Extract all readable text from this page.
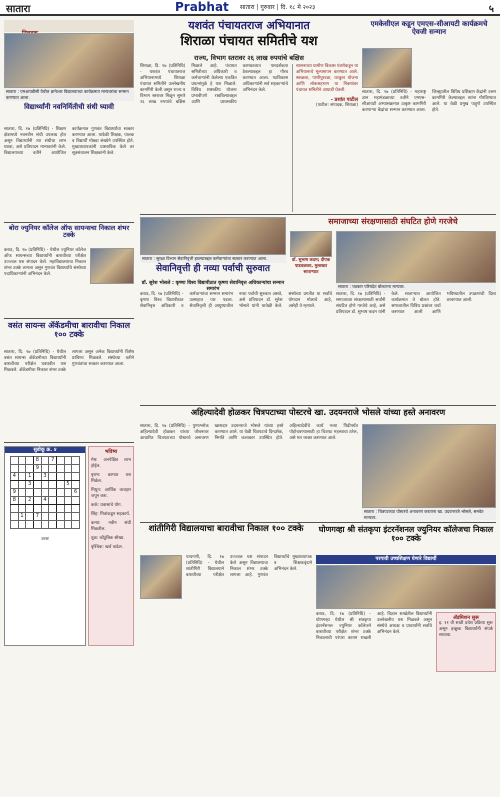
सातारा	Prabhat सातारा | गुरुवार | दि. १८ मे २०२३	५
सातारा : एमआयडीसी येथील ज्ञानेश्वर विद्यालयाच्या कार्यक्रमात मान्यवरांचा सन्मान करण्यात आला.
विद्यार्थ्यांनी नवनिर्मितीची संधी घ्यावी
सातारा, दि. १७ (प्रतिनिधि) - शिक्षण क्षेत्रामध्ये नवनवीन संधी उपलब्ध होत असून विद्यार्थ्यांनी त्या संधीचा लाभ घ्यावा, असे प्रतिपादन मान्यवरांनी केले. विद्यालयाच्या वतीने आयोजित कार्यक्रमात गुणवंत विद्यार्थ्यांचा सत्कार करण्यात आला. यावेळी शिक्षक, पालक व विद्यार्थी मोठ्या संख्येने उपस्थित होते. मुख्याध्यापकांनी प्रास्ताविक केले तर सूत्रसंचालन शिक्षकांनी केले.
बोरा ज्युनियर कॉलेज ऑफ सायन्सचा निकाल शंभर टक्के
कराड, दि. १७ (प्रतिनिधि) - येथील ज्युनियर कॉलेज ऑफ सायन्सच्या विद्यार्थ्यांनी बारावीच्या परीक्षेत उज्ज्वल यश संपादन केले. महाविद्यालयाचा निकाल शंभर टक्के लागला असून गुणवंत विद्यार्थ्यांचे संस्थेच्या पदाधिकाऱ्यांनी अभिनंदन केले.
वसंत सायन्स ॲकॅडमीचा बारावीचा निकाल १०० टक्के
सातारा, दि. १७ (प्रतिनिधि) - येथील वसंत सायन्स ॲकॅडमीच्या विद्यार्थ्यांनी बारावीच्या परीक्षेत घवघवीत यश मिळवले. ॲकॅडमीचा निकाल शंभर टक्के लागला असून अनेक विद्यार्थ्यांनी विशेष प्राविण्य मिळवले. संस्थेच्या वतीने गुणवंतांचा सत्कार करण्यात आला.
सुडोकू क्र. ४
			8		7			
			9					
4		1		3				
		3					5	
9								6
8		2		4				

	1		7					

उत्तर
भविष्य
मेष: अनपेक्षित लाभ होईल.
वृषभ: कामात यश मिळेल.
मिथुन: आर्थिक व्यवहार जपून करा.
कर्क: प्रवासाचे योग.
सिंह: मित्रांकडून सहकार्य.
कन्या: नवीन संधी मिळतील.
तूळ: कौटुंबिक सौख्य.
वृश्चिक: खर्च वाढेल.
यशवंत पंचायतराज अभियानात
शिराळा पंचायत समितीचे यश
राज्य, विभाग स्तरावर २६ लाख रुपयांचे बक्षिस
शिराळा, दि. १७ (प्रतिनिधि) - यशवंत पंचायतराज अभियानामध्ये शिराळा पंचायत समितीने उल्लेखनीय कामगिरी केली असून राज्य व विभाग स्तरावर मिळून सुमारे २६ लाख रुपयांचे बक्षिस मिळाले आहे. पंचायत समितीच्या अधिकारी व कर्मचाऱ्यांनी केलेल्या एकत्रित प्रयत्नांमुळे हे यश मिळाले. विविध शासकीय योजना प्रभावीपणे राबविल्याबद्दल आणि प्रशासकीय कामकाजात पारदर्शकता ठेवल्याबद्दल हा गौरव करण्यात आला. गटविकास अधिकाऱ्यांनी सर्व सहकाऱ्यांचे अभिनंदन केले.
शासनाच्या ग्रामीण विकास यंत्रणेकडून या अभियानाचे मूल्यमापन करण्यात आले. स्वच्छता, पाणीपुरवठा, घरकुल योजना आणि लोकसहभाग या निकषांवर पंचायत समितीने आघाडी घेतली.
- प्रशांत पाटील
(पाटील: संपादक, शिराळा)
एमकेसीएल कडून एमएस-सीआयटी कार्यक्रमचे ऐवजी सन्मान
सातारा, दि. १७ (प्रतिनिधि) - महाराष्ट्र ज्ञान महामंडळाच्या वतीने एमएस-सीआयटी अभ्यासक्रमात उत्कृष्ट कामगिरी करणाऱ्या केंद्रांचा सन्मान करण्यात आला. जिल्ह्यातील विविध प्रशिक्षण केंद्रांनी उत्तम कामगिरी केल्याबद्दल त्यांना गौरविण्यात आले. या वेळी प्रमुख पाहुणे उपस्थित होते.
समाजाच्या संरक्षणासाठी संघटित होणे गरजेचे
डॉ. सुभाष कदम; दीपक पाडवळकर, मुलाखत साताऱ्यात
सातारा : पत्रकार परिषदेत बोलताना मान्यवर.
सातारा, दि. १७ (प्रतिनिधि) - समाजाच्या संरक्षणासाठी सर्वांनी संघटित होणे गरजेचे आहे, असे प्रतिपादन डॉ. सुभाष कदम यांनी केले. साताऱ्यात आयोजित कार्यक्रमात ते बोलत होते. समाजातील विविध प्रश्नांवर चर्चा करण्यात आली आणि भविष्यातील उपक्रमांची दिशा ठरवण्यात आली.
सातारा : सुरक्षा विभाग सेवानिवृत्ती झाल्याबद्दल कर्मचाऱ्यांचा सत्कार करण्यात आला.
सेवानिवृत्ती ही नव्या पर्वाची सुरुवात
डॉ. सुरेश भोसले : कृष्णा विश्व विद्यापीठात कृष्णा सेवानिवृत्त अधिकाऱ्यांचा सन्मान समारंभ
कराड, दि. १७ (प्रतिनिधि) - कृष्णा विश्व विद्यापीठात सेवानिवृत्त अधिकारी व कर्मचाऱ्यांचा सन्मान समारंभ उत्साहात पार पडला. सेवानिवृत्ती ही आयुष्यातील नव्या पर्वाची सुरुवात असते, असे प्रतिपादन डॉ. सुरेश भोसले यांनी यावेळी केले. संस्थेच्या प्रगतीत या सर्वांचे योगदान मोलाचे आहे, असेही ते म्हणाले.
अहिल्यादेवी होळकर चित्रपटाच्या पोस्टरचे खा. उदयनराजे भोसले यांच्या हस्ते अनावरण
सातारा, दि. १७ (प्रतिनिधि) - पुण्यश्लोक अहिल्यादेवी होळकर यांच्या जीवनावर आधारित चित्रपटाच्या पोस्टरचे अनावरण खासदार उदयनराजे भोसले यांच्या हस्ते करण्यात आले. या वेळी चित्रपटाचे दिग्दर्शक, निर्माते आणि कलाकार उपस्थित होते. अहिल्यादेवींचे कार्य नव्या पिढीपर्यंत पोहोचवण्यासाठी हा चित्रपट महत्त्वाचा ठरेल, असे मत व्यक्त करण्यात आले.
सातारा : चित्रपटाच्या पोस्टरचे अनावरण करताना खा. उदयनराजे भोसले, समवेत मान्यवर.
शांतीगिरी विद्यालयाचा बारावीचा निकाल १०० टक्के
पाचगणी, दि. १७ (प्रतिनिधि) - येथील शांतीगिरी विद्यालयाने बारावीच्या परीक्षेत उज्ज्वल यश संपादन केले असून विद्यालयाचा निकाल शंभर टक्के लागला आहे. गुणवंत विद्यार्थ्यांचे मुख्याध्यापक व शिक्षकवृंदाने अभिनंदन केले.
घोणगव्हा श्री संतकृपा इंटरनॅशनल ज्युनियर कॉलेजचा निकाल १०० टक्के
परगावी उच्चशिक्षण घेणारे विद्यार्थी
कराड, दि. १७ (प्रतिनिधि) - घोणगव्हा येथील श्री संतकृपा इंटरनॅशनल ज्युनियर कॉलेजने बारावीच्या परीक्षेत शंभर टक्के निकालाची परंपरा कायम राखली आहे. विज्ञान शाखेतील विद्यार्थ्यांनी उल्लेखनीय यश मिळवले असून संस्थेचे अध्यक्ष व प्राचार्यांनी सर्वांचे अभिनंदन केले.
अ‍ॅडमिशन सुरू
इ. ११ वी साठी प्रवेश प्रक्रिया सुरू असून इच्छुक विद्यार्थ्यांनी संपर्क साधावा.
